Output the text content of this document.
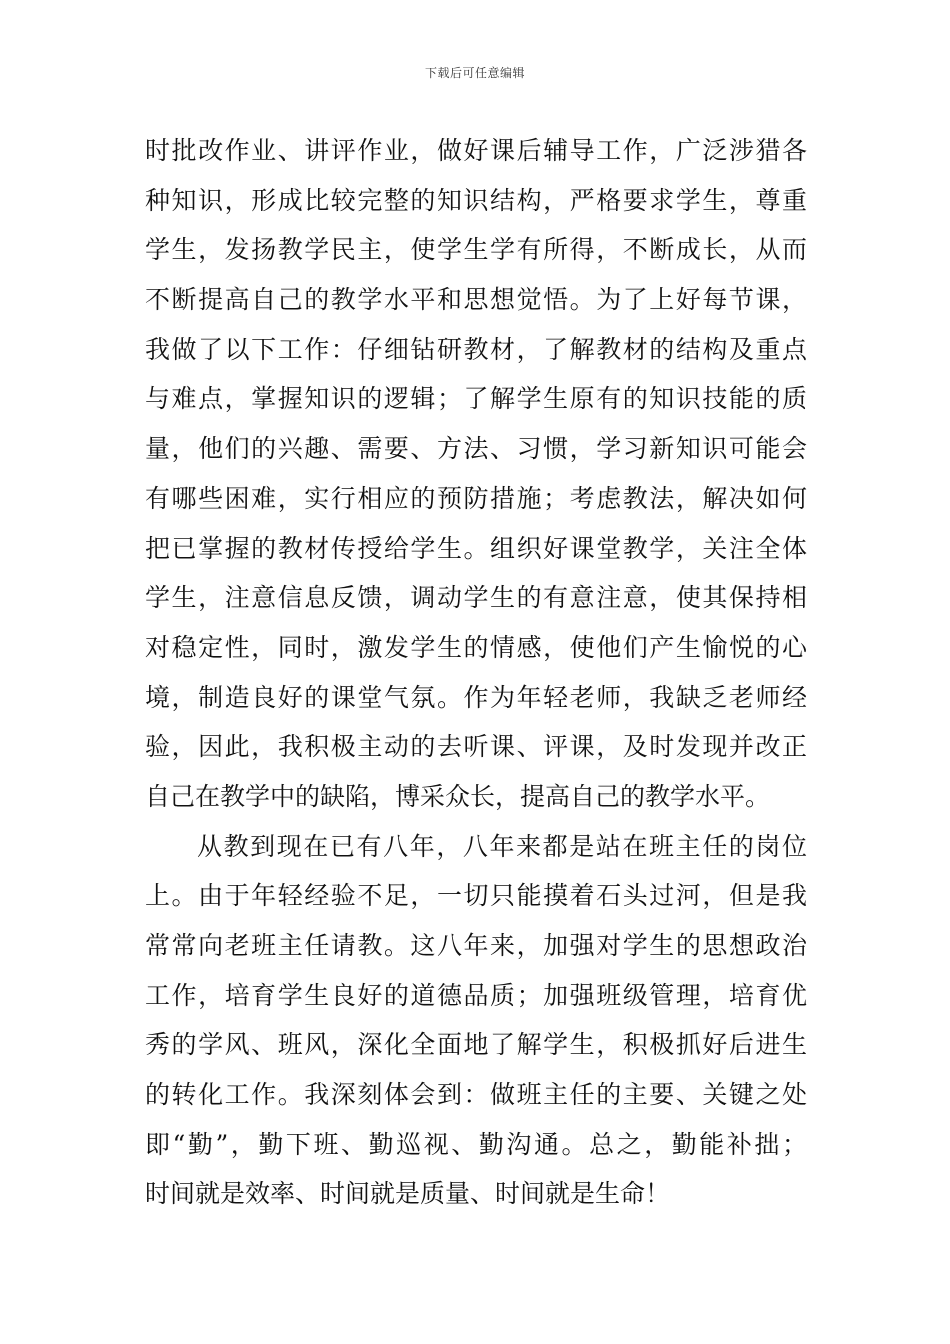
下载后可任意编辑
时批改作业、讲评作业，做好课后辅导工作，广泛涉猎各
种知识，形成比较完整的知识结构，严格要求学生，尊重
学生，发扬教学民主，使学生学有所得，不断成长，从而
不断提高自己的教学水平和思想觉悟。为了上好每节课，
我做了以下工作：仔细钻研教材，了解教材的结构及重点
与难点，掌握知识的逻辑；了解学生原有的知识技能的质
量，他们的兴趣、需要、方法、习惯，学习新知识可能会
有哪些困难，实行相应的预防措施；考虑教法，解决如何
把已掌握的教材传授给学生。组织好课堂教学，关注全体
学生，注意信息反馈，调动学生的有意注意，使其保持相
对稳定性，同时，激发学生的情感，使他们产生愉悦的心
境，制造良好的课堂气氛。作为年轻老师，我缺乏老师经
验，因此，我积极主动的去听课、评课，及时发现并改正
自己在教学中的缺陷，博采众长，提高自己的教学水平。
从教到现在已有八年，八年来都是站在班主任的岗位
上。由于年轻经验不足，一切只能摸着石头过河，但是我
常常向老班主任请教。这八年来，加强对学生的思想政治
工作，培育学生良好的道德品质；加强班级管理，培育优
秀的学风、班风，深化全面地了解学生，积极抓好后进生
的转化工作。我深刻体会到：做班主任的主要、关键之处
即“勤”，勤下班、勤巡视、勤沟通。总之，勤能补拙；
时间就是效率、时间就是质量、时间就是生命！
